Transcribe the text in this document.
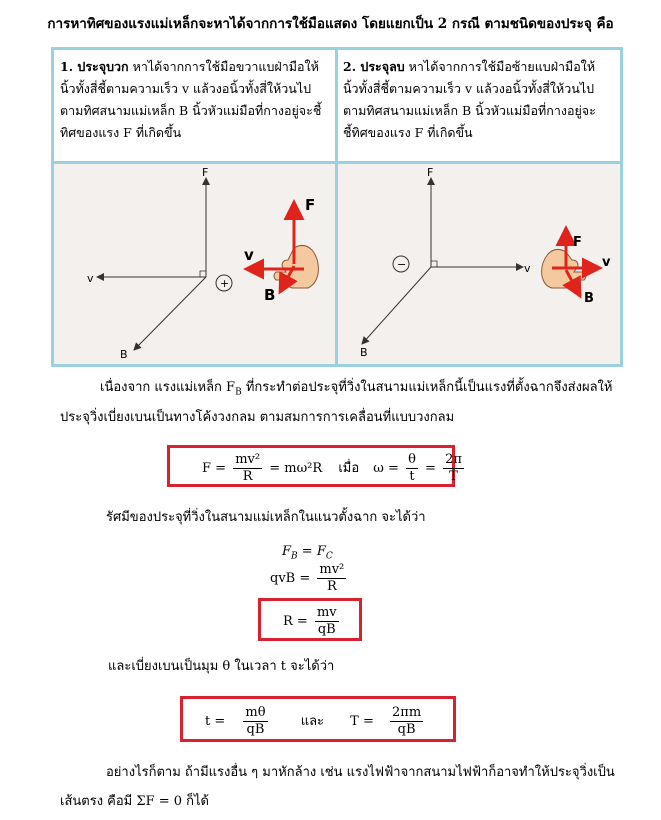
การหาทิศของแรงแม่เหล็กจะหาได้จากการใช้มือแสดง โดยแยกเป็น 2 กรณี ตามชนิดของประจุ คือ
1. ประจุบวก หาได้จากการใช้มือขวาแบฝ่ามือให้
นิ้วทั้งสี่ชี้ตามความเร็ว v แล้วงอนิ้วทั้งสี่ให้วนไป
ตามทิศสนามแม่เหล็ก B นิ้วหัวแม่มือที่กางอยู่จะชี้
ทิศของแรง F ที่เกิดขึ้น
2. ประจุลบ หาได้จากการใช้มือซ้ายแบฝ่ามือให้
นิ้วทั้งสี่ชี้ตามความเร็ว v แล้วงอนิ้วทั้งสี่ให้วนไป
ตามทิศสนามแม่เหล็ก B นิ้วหัวแม่มือที่กางอยู่จะ
ชี้ทิศของแรง F ที่เกิดขึ้น
F
v
B
+
F
v
B
F
v
B
−
F
v
B
เนื่องจาก แรงแม่เหล็ก $F_B$ ที่กระทำต่อประจุที่วิ่งในสนามแม่เหล็กนี้เป็นแรงที่ตั้งฉากจึงส่งผลให้
ประจุวิ่งเบี่ยงเบนเป็นทางโค้งวงกลม ตามสมการการเคลื่อนที่แบบวงกลม
$F = \frac{\text{mv²}}{R} = m\omega^2R$ เมื่อ $\omega = \frac{\theta}{t} = \frac{2\pi}{T}$
รัศมีของประจุที่วิ่งในสนามแม่เหล็กในแนวตั้งฉาก จะได้ว่า
$F_B = F_C$
qvB = $\frac{\text{mv²}}{R}$
$R = \frac{mv}{qB}$
และเบี่ยงเบนเป็นมุม θ ในเวลา t จะได้ว่า
$t = \frac{m\theta}{qB}$	และ $T = \frac{2\pi m}{qB}$
อย่างไรก็ตาม ถ้ามีแรงอื่น ๆ มาหักล้าง เช่น แรงไฟฟ้าจากสนามไฟฟ้าก็อาจทำให้ประจุวิ่งเป็น
เส้นตรง คือมี ΣF = 0 ก็ได้
